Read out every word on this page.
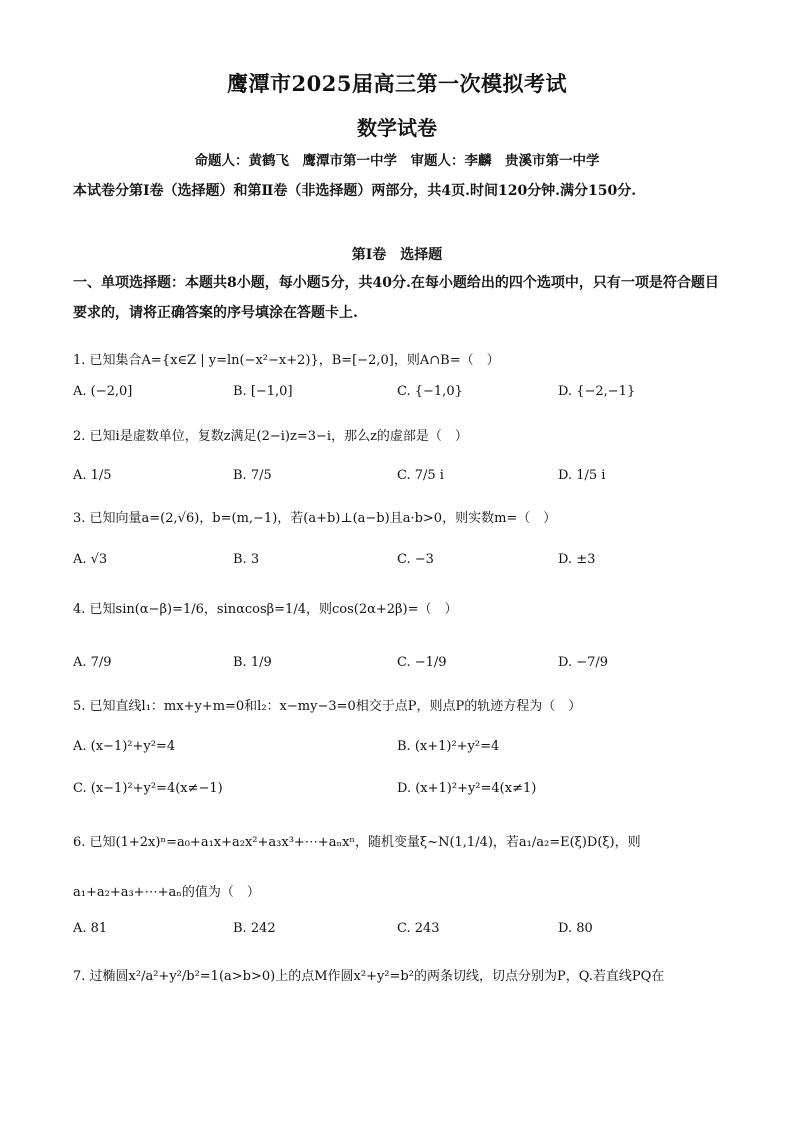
鹰潭市2025届高三第一次模拟考试
数学试卷
命题人：黄鹤飞　鹰潭市第一中学　审题人：李麟　贵溪市第一中学
本试卷分第Ⅰ卷（选择题）和第Ⅱ卷（非选择题）两部分，共4页.时间120分钟.满分150分.
第Ⅰ卷　选择题
一、单项选择题：本题共8小题，每小题5分，共40分.在每小题给出的四个选项中，只有一项是符合题目要求的，请将正确答案的序号填涂在答题卡上.
1. 已知集合A={x∈Z | y=ln(−x²−x+2)}，B=[−2,0]，则A∩B=（　）
A. (−2,0]	B. [−1,0]	C. {−1,0}	D. {−2,−1}
2. 已知i是虚数单位，复数z满足(2−i)z=3−i，那么z的虚部是（　）
A. 1/5	B. 7/5	C. 7/5 i	D. 1/5 i
3. 已知向量a=(2,√6)，b=(m,−1)，若(a+b)⊥(a−b)且a·b>0，则实数m=（　）
A. √3	B. 3	C. −3	D. ±3
4. 已知sin(α−β)=1/6，sinαcosβ=1/4，则cos(2α+2β)=（　）
A. 7/9	B. 1/9	C. −1/9	D. −7/9
5. 已知直线l₁：mx+y+m=0和l₂：x−my−3=0相交于点P，则点P的轨迹方程为（　）
A. (x−1)²+y²=4	B. (x+1)²+y²=4
C. (x−1)²+y²=4(x≠−1)	D. (x+1)²+y²=4(x≠1)
6. 已知(1+2x)ⁿ=a₀+a₁x+a₂x²+a₃x³+⋯+aₙxⁿ，随机变量ξ~N(1,1/4)，若a₁/a₂=E(ξ)D(ξ)，则
a₁+a₂+a₃+⋯+aₙ的值为（　）
A. 81	B. 242	C. 243	D. 80
7. 过椭圆x²/a²+y²/b²=1(a>b>0)上的点M作圆x²+y²=b²的两条切线，切点分别为P，Q.若直线PQ在
